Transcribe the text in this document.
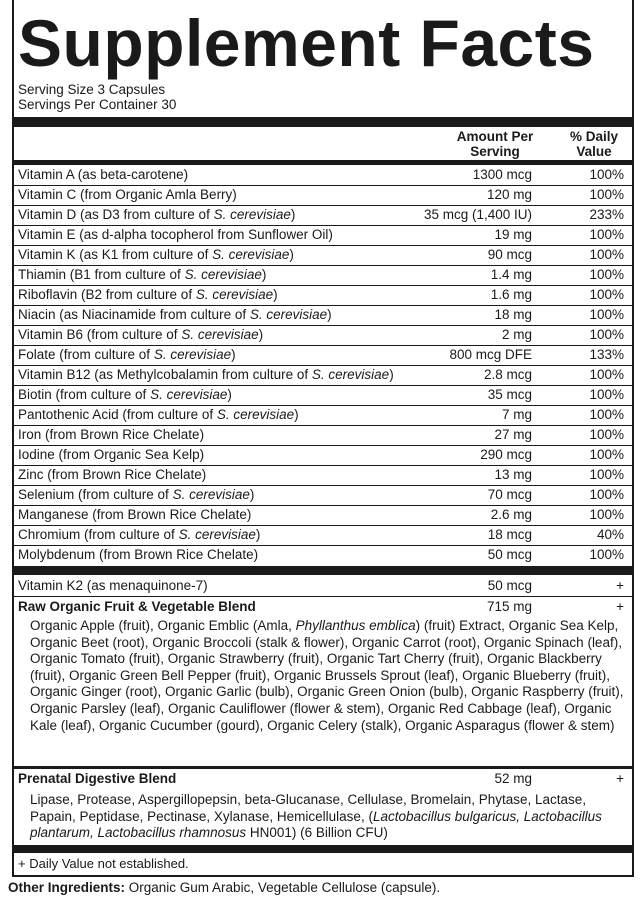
Supplement Facts
Serving Size 3 Capsules
Servings Per Container 30
Amount Per
Serving
% Daily
Value
Vitamin A (as beta-carotene)	1300 mcg	100%
Vitamin C (from Organic Amla Berry)	120 mg	100%
Vitamin D (as D3 from culture of S. cerevisiae)	35 mcg (1,400 IU)	233%
Vitamin E (as d-alpha tocopherol from Sunflower Oil)	19 mg	100%
Vitamin K (as K1 from culture of S. cerevisiae)	90 mcg	100%
Thiamin (B1 from culture of S. cerevisiae)	1.4 mg	100%
Riboflavin (B2 from culture of S. cerevisiae)	1.6 mg	100%
Niacin (as Niacinamide from culture of S. cerevisiae)	18 mg	100%
Vitamin B6 (from culture of S. cerevisiae)	2 mg	100%
Folate (from culture of S. cerevisiae)	800 mcg DFE	133%
Vitamin B12 (as Methylcobalamin from culture of S. cerevisiae)	2.8 mcg	100%
Biotin (from culture of S. cerevisiae)	35 mcg	100%
Pantothenic Acid (from culture of S. cerevisiae)	7 mg	100%
Iron (from Brown Rice Chelate)	27 mg	100%
Iodine (from Organic Sea Kelp)	290 mcg	100%
Zinc (from Brown Rice Chelate)	13 mg	100%
Selenium (from culture of S. cerevisiae)	70 mcg	100%
Manganese (from Brown Rice Chelate)	2.6 mg	100%
Chromium (from culture of S. cerevisiae)	18 mcg	40%
Molybdenum (from Brown Rice Chelate)	50 mcg	100%
Vitamin K2 (as menaquinone-7)	50 mcg	+
Raw Organic Fruit & Vegetable Blend	715 mg	+
Organic Apple (fruit), Organic Emblic (Amla, Phyllanthus emblica) (fruit) Extract, Organic Sea Kelp, Organic Beet (root), Organic Broccoli (stalk & flower), Organic Carrot (root), Organic Spinach (leaf), Organic Tomato (fruit), Organic Strawberry (fruit), Organic Tart Cherry (fruit), Organic Blackberry (fruit), Organic Green Bell Pepper (fruit), Organic Brussels Sprout (leaf), Organic Blueberry (fruit), Organic Ginger (root), Organic Garlic (bulb), Organic Green Onion (bulb), Organic Raspberry (fruit), Organic Parsley (leaf), Organic Cauliflower (flower & stem), Organic Red Cabbage (leaf), Organic Kale (leaf), Organic Cucumber (gourd), Organic Celery (stalk), Organic Asparagus (flower & stem)
Prenatal Digestive Blend	52 mg	+
Lipase, Protease, Aspergillopepsin, beta-Glucanase, Cellulase, Bromelain, Phytase, Lactase, Papain, Peptidase, Pectinase, Xylanase, Hemicellulase, (Lactobacillus bulgaricus, Lactobacillus plantarum, Lactobacillus rhamnosus HN001) (6 Billion CFU)
+ Daily Value not established.
Other Ingredients: Organic Gum Arabic, Vegetable Cellulose (capsule).
